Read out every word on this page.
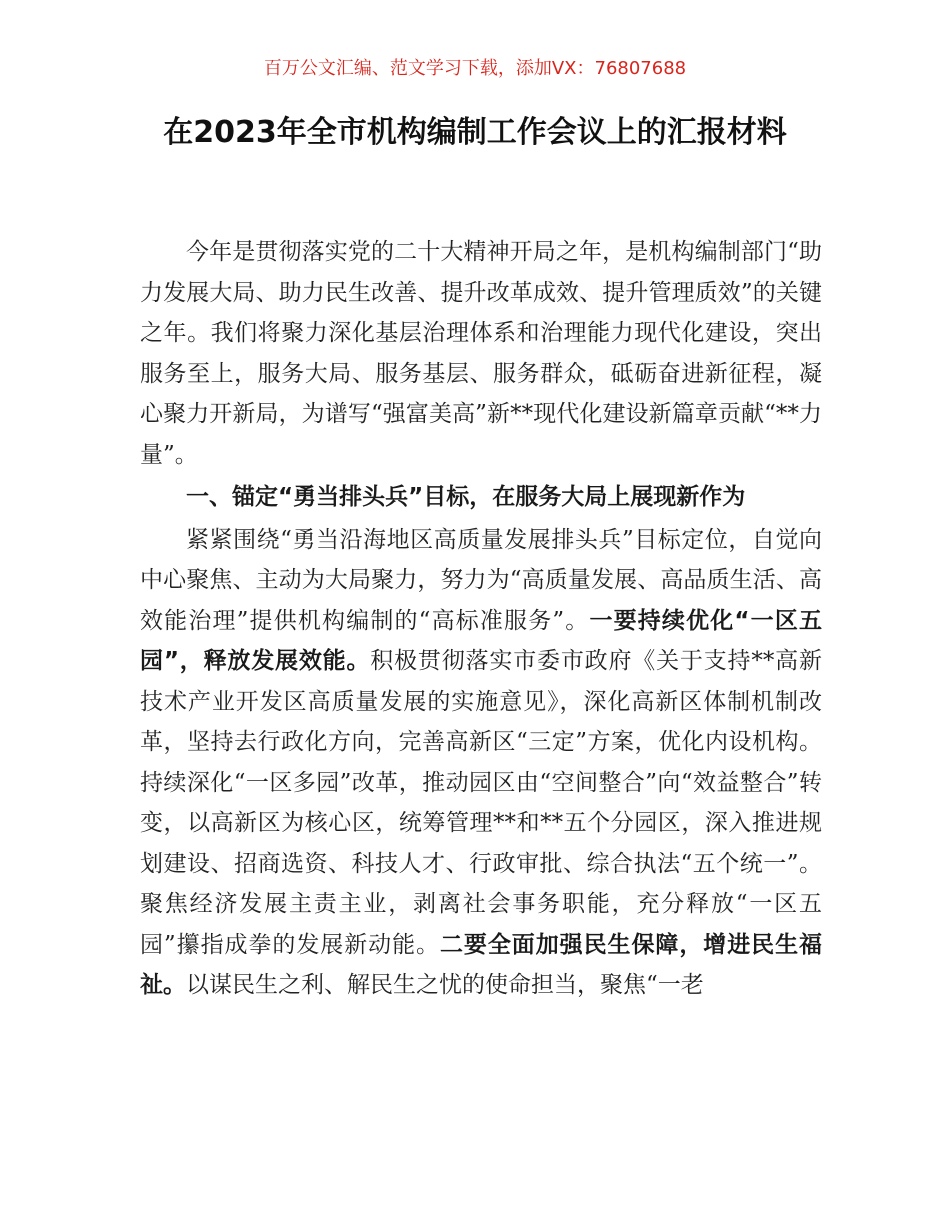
百万公文汇编、范文学习下载，添加VX：76807688
在2023年全市机构编制工作会议上的汇报材料

今年是贯彻落实党的二十大精神开局之年，是机构编制部门“助力发展大局、助力民生改善、提升改革成效、提升管理质效”的关键之年。我们将聚力深化基层治理体系和治理能力现代化建设，突出服务至上，服务大局、服务基层、服务群众，砥砺奋进新征程，凝心聚力开新局，为谱写“强富美高”新**现代化建设新篇章贡献“**力量”。

一、锚定“勇当排头兵”目标，在服务大局上展现新作为

紧紧围绕“勇当沿海地区高质量发展排头兵”目标定位，自觉向中心聚焦、主动为大局聚力，努力为“高质量发展、高品质生活、高效能治理”提供机构编制的“高标准服务”。一要持续优化“一区五园”，释放发展效能。积极贯彻落实市委市政府《关于支持**高新技术产业开发区高质量发展的实施意见》，深化高新区体制机制改革，坚持去行政化方向，完善高新区“三定”方案，优化内设机构。持续深化“一区多园”改革，推动园区由“空间整合”向“效益整合”转变，以高新区为核心区，统筹管理**和**五个分园区，深入推进规划建设、招商选资、科技人才、行政审批、综合执法“五个统一”。聚焦经济发展主责主业，剥离社会事务职能，充分释放“一区五园”攥指成拳的发展新动能。二要全面加强民生保障，增进民生福祉。以谋民生之利、解民生之忧的使命担当，聚焦“一老
